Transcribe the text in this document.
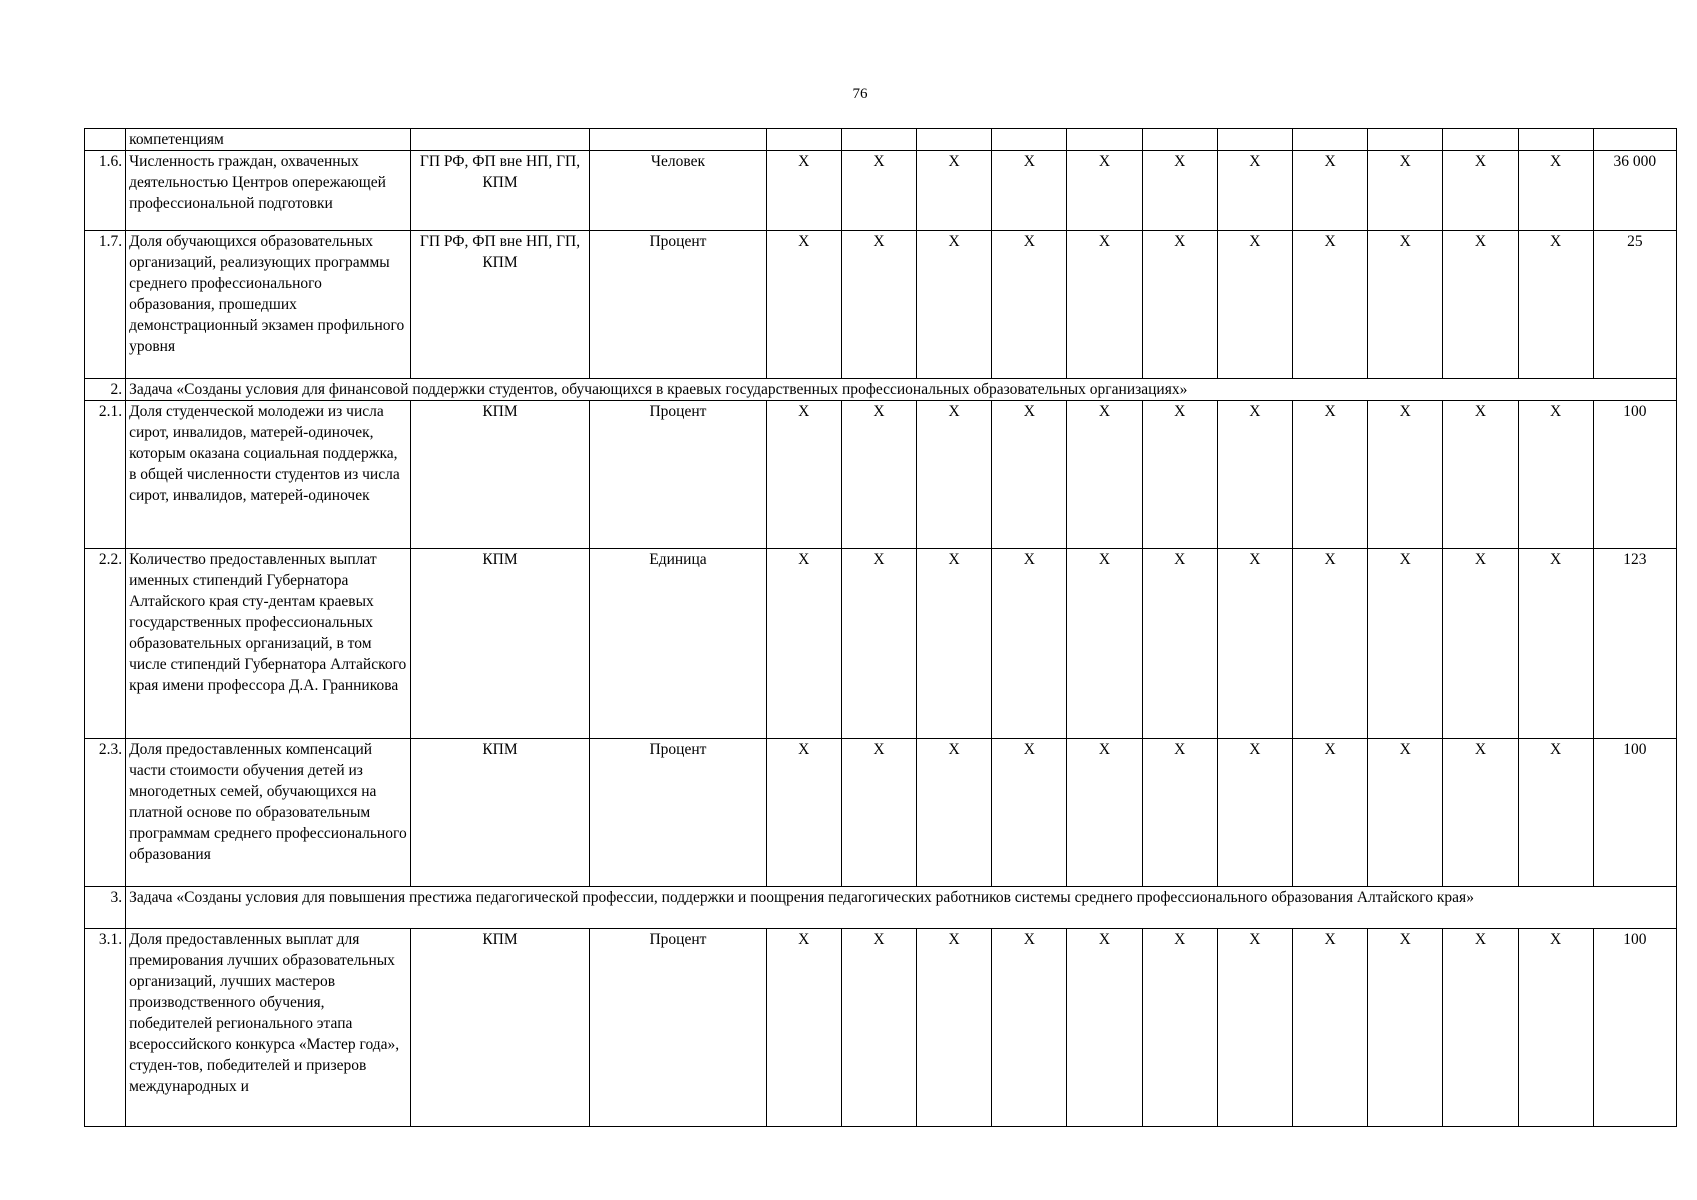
76
	компетенциям														
1.6.	Численность граждан, охваченных деятельностью Центров опережающей профессиональной подготовки	ГП РФ, ФП вне НП, ГП, КПМ	Человек	X	X	X	X	X	X	X	X	X	X	X	36 000
1.7.	Доля обучающихся образовательных организаций, реализующих программы среднего профессионального образования, прошедших демонстрационный экзамен профильного уровня	ГП РФ, ФП вне НП, ГП, КПМ	Процент	X	X	X	X	X	X	X	X	X	X	X	25
2.	Задача «Созданы условия для финансовой поддержки студентов, обучающихся в краевых государственных профессиональных образовательных организациях»														
2.1.	Доля студенческой молодежи из числа сирот, инвалидов, матерей-одиночек, которым оказана социальная поддержка, в общей численности студентов из числа сирот, инвалидов, матерей-одиночек	КПМ	Процент	X	X	X	X	X	X	X	X	X	X	X	100
2.2.	Количество предоставленных выплат именных стипендий Губернатора Алтайского края сту-дентам краевых государственных профессиональных образовательных организаций, в том числе стипендий Губернатора Алтайского края имени профессора Д.А. Гранникова	КПМ	Единица	X	X	X	X	X	X	X	X	X	X	X	123
2.3.	Доля предоставленных компенсаций части стоимости обучения детей из многодетных семей, обучающихся на платной основе по образовательным программам среднего профессионального образования	КПМ	Процент	X	X	X	X	X	X	X	X	X	X	X	100
3.	Задача «Созданы условия для повышения престижа педагогической профессии, поддержки и поощрения педагогических работников системы среднего профессионального образования Алтайского края»														
3.1.	Доля предоставленных выплат для премирования лучших образовательных организаций, лучших мастеров производственного обучения, победителей регионального этапа всероссийского конкурса «Мастер года», студен-тов, победителей и призеров международных и	КПМ	Процент	X	X	X	X	X	X	X	X	X	X	X	100
